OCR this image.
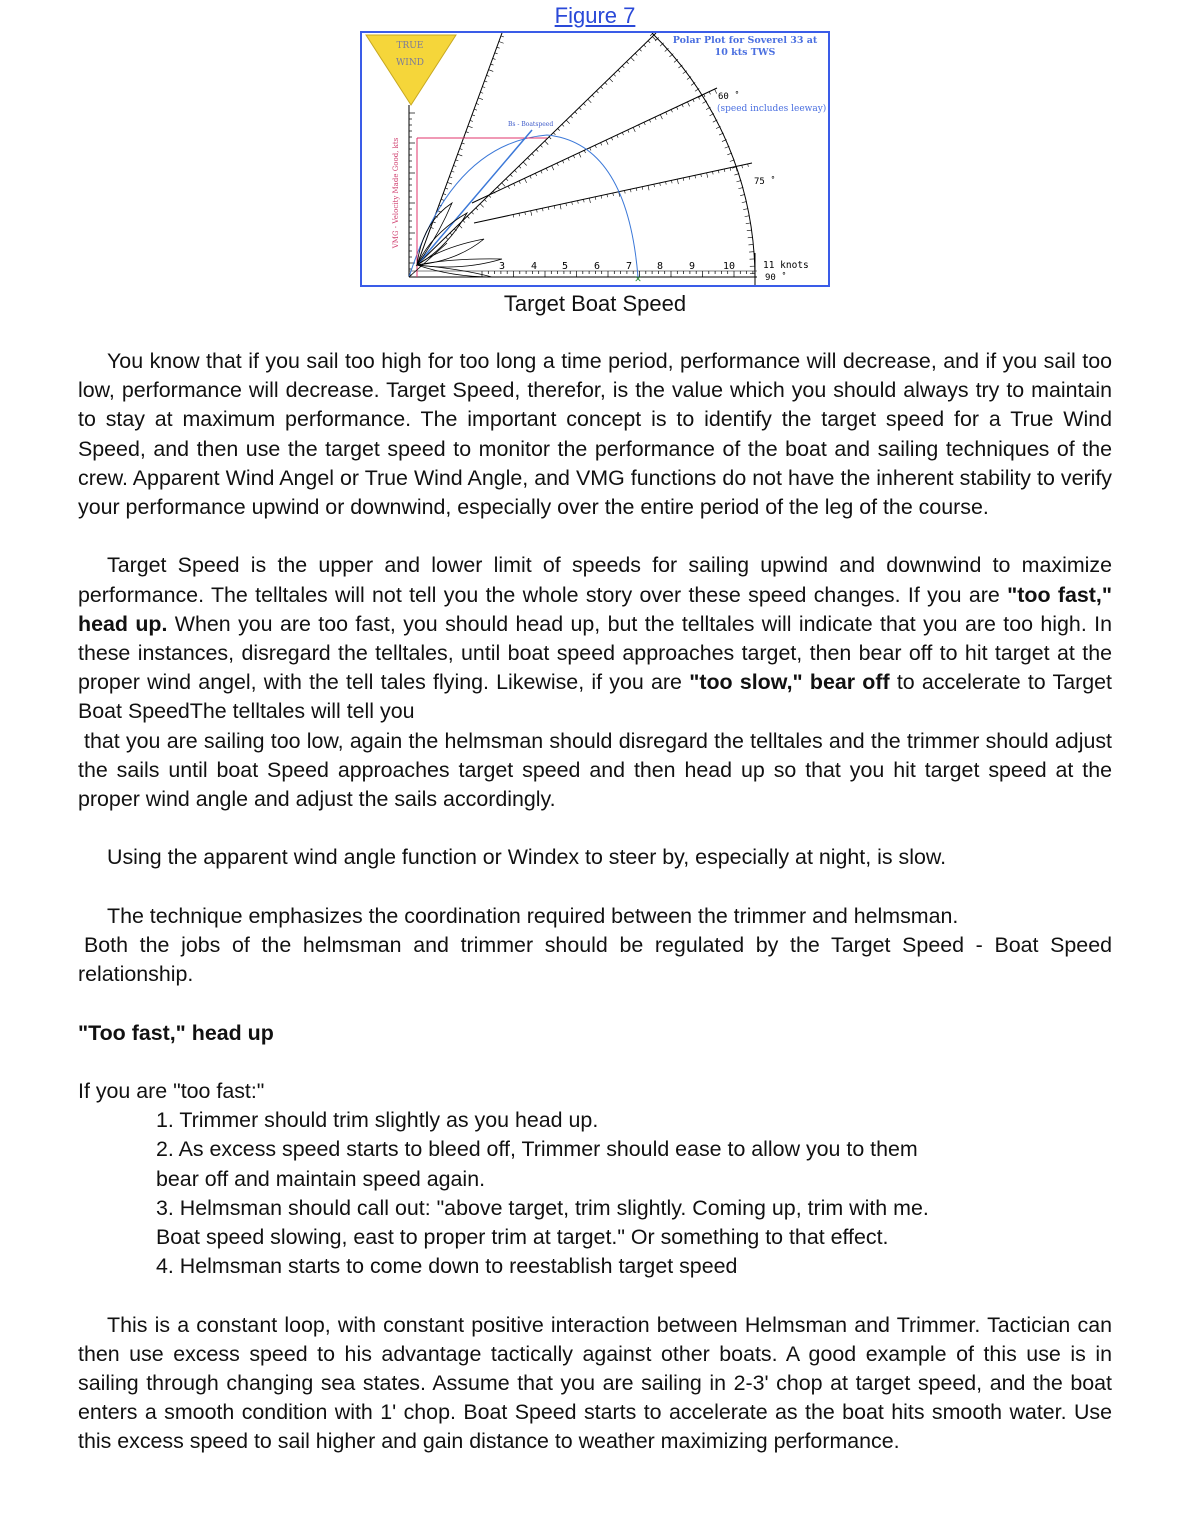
Figure 7
TRUE
WIND
VMG - Velocity Made Good, kts
3	4 5	6	7 8	9	10
Bs - Boatspeed
✕
Polar Plot for Soverel 33 at
10 kts TWS
60 ˚
(speed includes leeway)
75 ˚
11 knots
90 ˚
Target Boat Speed

You know that if you sail too high for too long a time period, performance will decrease, and if you sail too low, performance will decrease. Target Speed, therefor, is the value which you should always try to maintain to stay at maximum performance. The important concept is to identify the target speed for a True Wind Speed, and then use the target speed to monitor the performance of the boat and sailing techniques of the crew. Apparent Wind Angel or True Wind Angle, and VMG functions do not have the inherent stability to verify your performance upwind or downwind, especially over the entire period of the leg of the course.

Target Speed is the upper and lower limit of speeds for sailing upwind and downwind to maximize performance. The telltales will not tell you the whole story over these speed changes. If you are "too fast," head up. When you are too fast, you should head up, but the telltales will indicate that you are too high. In these instances, disregard the telltales, until boat speed approaches target, then bear off to hit target at the proper wind angel, with the tell tales flying. Likewise, if you are "too slow," bear off to accelerate to Target Boat SpeedThe telltales will tell you
that you are sailing too low, again the helmsman should disregard the telltales and the trimmer should adjust the sails until boat Speed approaches target speed and then head up so that you hit target speed at the proper wind angle and adjust the sails accordingly.

Using the apparent wind angle function or Windex to steer by, especially at night, is slow.

The technique emphasizes the coordination required between the trimmer and helmsman.
Both the jobs of the helmsman and trimmer should be regulated by the Target Speed - Boat Speed relationship.

"Too fast," head up

If you are "too fast:"

1. Trimmer should trim slightly as you head up.

2. As excess speed starts to bleed off, Trimmer should ease to allow you to them

bear off and maintain speed again.

3. Helmsman should call out: "above target, trim slightly. Coming up, trim with me.

Boat speed slowing, east to proper trim at target." Or something to that effect.

4. Helmsman starts to come down to reestablish target speed

This is a constant loop, with constant positive interaction between Helmsman and Trimmer. Tactician can then use excess speed to his advantage tactically against other boats. A good example of this use is in sailing through changing sea states. Assume that you are sailing in 2-3' chop at target speed, and the boat enters a smooth condition with 1' chop. Boat Speed starts to accelerate as the boat hits smooth water. Use this excess speed to sail higher and gain distance to weather maximizing performance.
